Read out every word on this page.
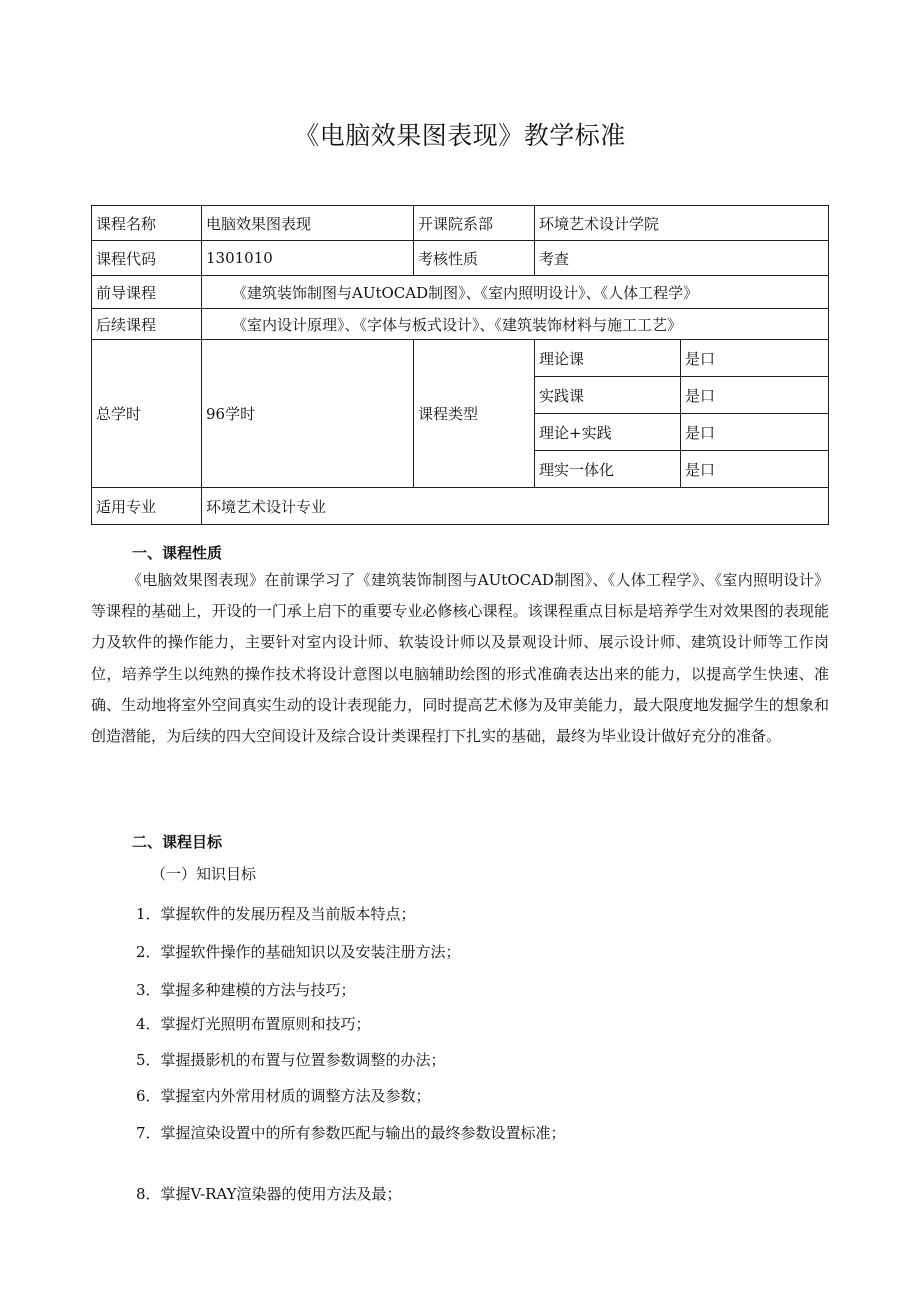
《电脑效果图表现》教学标准
课程名称	电脑效果图表现	开课院系部	环境艺术设计学院	
课程代码	1301010	考核性质	考查	
前导课程	《建筑装饰制图与AUtOCAD制图》、《室内照明设计》、《人体工程学》			
后续课程	《室内设计原理》、《字体与板式设计》、《建筑装饰材料与施工工艺》			
总学时	96学时	课程类型	理论课	是口
			实践课	是口
			理论+实践	是口
			理实一体化	是口
适用专业	环境艺术设计专业			
一、课程性质

《电脑效果图表现》在前课学习了《建筑装饰制图与AUtOCAD制图》、《人体工程学》、《室内照明设计》等课程的基础上，开设的一门承上启下的重要专业必修核心课程。该课程重点目标是培养学生对效果图的表现能力及软件的操作能力，主要针对室内设计师、软装设计师以及景观设计师、展示设计师、建筑设计师等工作岗位，培养学生以纯熟的操作技术将设计意图以电脑辅助绘图的形式准确表达出来的能力，以提高学生快速、准确、生动地将室外空间真实生动的设计表现能力，同时提高艺术修为及审美能力，最大限度地发掘学生的想象和创造潜能，为后续的四大空间设计及综合设计类课程打下扎实的基础，最终为毕业设计做好充分的准备。

二、课程目标
（一）知识目标
1．掌握软件的发展历程及当前版本特点；
2．掌握软件操作的基础知识以及安装注册方法；
3．掌握多种建模的方法与技巧；
4．掌握灯光照明布置原则和技巧；
5．掌握摄影机的布置与位置参数调整的办法；
6．掌握室内外常用材质的调整方法及参数；
7．掌握渲染设置中的所有参数匹配与输出的最终参数设置标准；
8．掌握V-RAY渲染器的使用方法及最；
